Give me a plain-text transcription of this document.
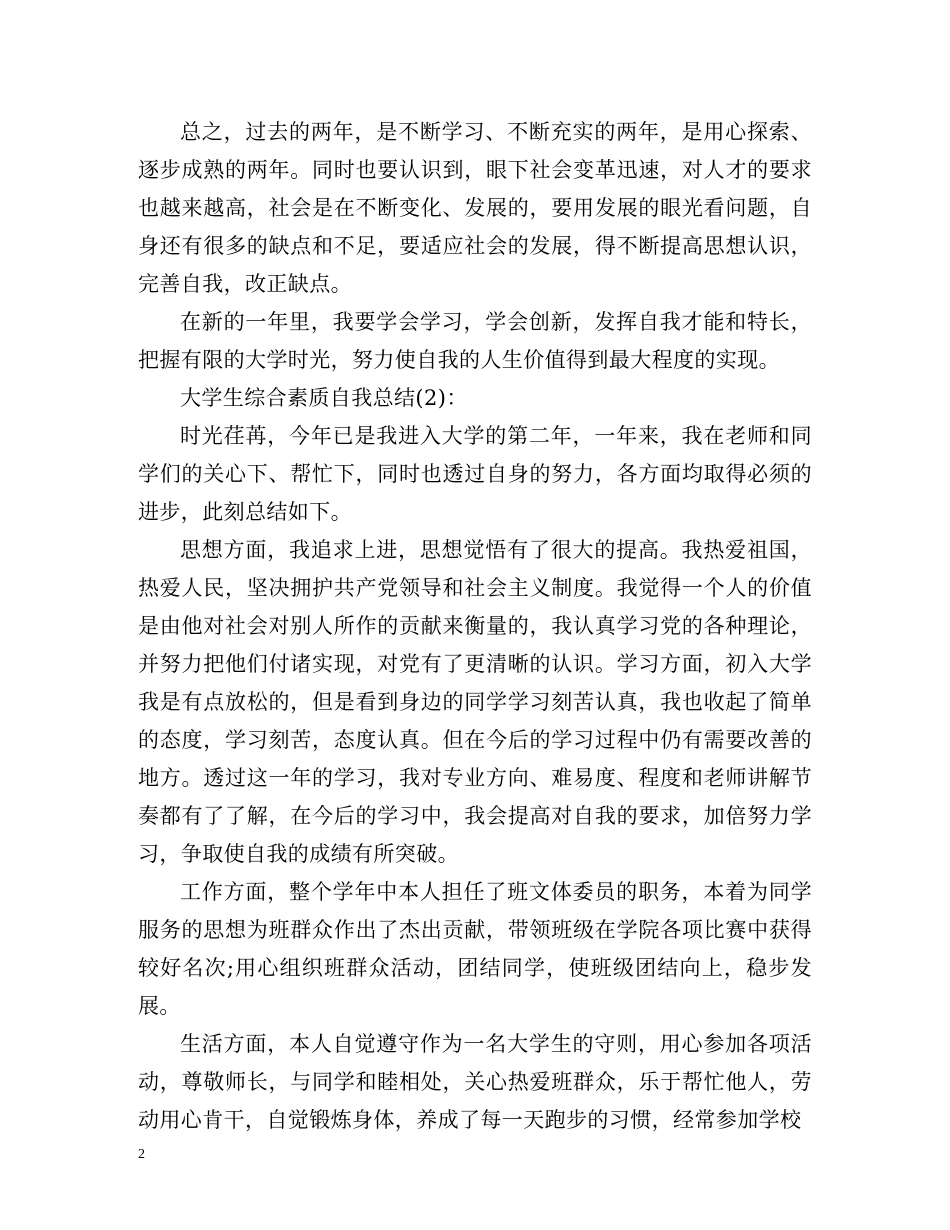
总之，过去的两年，是不断学习、不断充实的两年，是用心探索、逐步成熟的两年。同时也要认识到，眼下社会变革迅速，对人才的要求也越来越高，社会是在不断变化、发展的，要用发展的眼光看问题，自身还有很多的缺点和不足，要适应社会的发展，得不断提高思想认识，完善自我，改正缺点。

在新的一年里，我要学会学习，学会创新，发挥自我才能和特长，把握有限的大学时光，努力使自我的人生价值得到最大程度的实现。

大学生综合素质自我总结(2)：

时光荏苒，今年已是我进入大学的第二年，一年来，我在老师和同学们的关心下、帮忙下，同时也透过自身的努力，各方面均取得必须的进步，此刻总结如下。

思想方面，我追求上进，思想觉悟有了很大的提高。我热爱祖国，热爱人民，坚决拥护共产党领导和社会主义制度。我觉得一个人的价值是由他对社会对别人所作的贡献来衡量的，我认真学习党的各种理论，并努力把他们付诸实现，对党有了更清晰的认识。学习方面，初入大学我是有点放松的，但是看到身边的同学学习刻苦认真，我也收起了简单的态度，学习刻苦，态度认真。但在今后的学习过程中仍有需要改善的地方。透过这一年的学习，我对专业方向、难易度、程度和老师讲解节奏都有了了解，在今后的学习中，我会提高对自我的要求，加倍努力学习，争取使自我的成绩有所突破。

工作方面，整个学年中本人担任了班文体委员的职务，本着为同学服务的思想为班群众作出了杰出贡献，带领班级在学院各项比赛中获得较好名次;用心组织班群众活动，团结同学，使班级团结向上，稳步发展。

生活方面，本人自觉遵守作为一名大学生的守则，用心参加各项活动，尊敬师长，与同学和睦相处，关心热爱班群众，乐于帮忙他人，劳动用心肯干，自觉锻炼身体，养成了每一天跑步的习惯，经常参加学校

2
